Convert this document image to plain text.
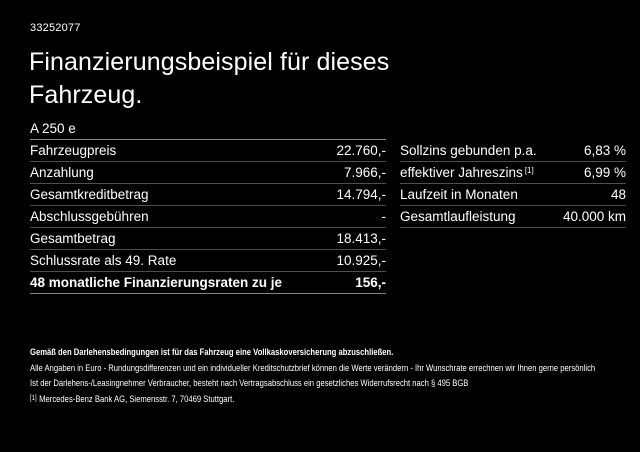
33252077
Finanzierungsbeispiel für dieses Fahrzeug.
A 250 e
Fahrzeugpreis	22.760,-
Anzahlung	7.966,-
Gesamtkreditbetrag	14.794,-
Abschlussgebühren	-
Gesamtbetrag	18.413,-
Schlussrate als 49. Rate	10.925,-
48 monatliche Finanzierungsraten zu je	156,-
Sollzins gebunden p.a.	6,83 %
effektiver Jahreszins [1]	6,99 %
Laufzeit in Monaten	48
Gesamtlaufleistung	40.000 km

Gemäß den Darlehensbedingungen ist für das Fahrzeug eine Vollkaskoversicherung abzuschließen.

Alle Angaben in Euro - Rundungsdifferenzen und ein individueller Kreditschutzbrief können die Werte verändern - Ihr Wunschrate errechnen wir Ihnen gerne persönlich

Ist der Darlehens-/Leasingnehmer Verbraucher, besteht nach Vertragsabschluss ein gesetzliches Widerrufsrecht nach § 495 BGB

[1] Mercedes-Benz Bank AG, Siemensstr. 7, 70469 Stuttgart.
